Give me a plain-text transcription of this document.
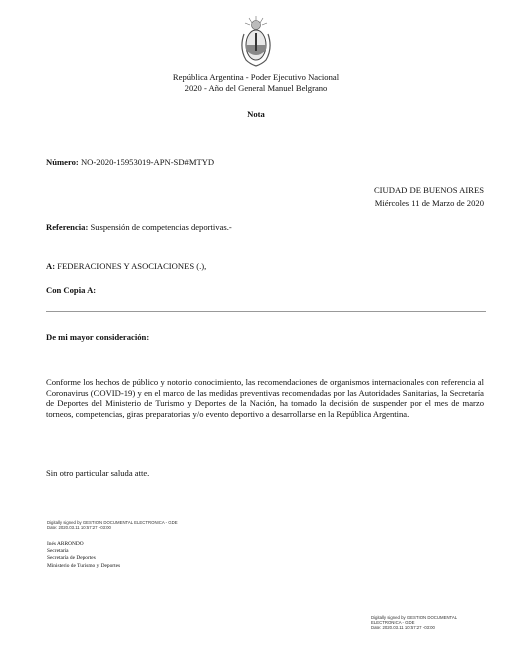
República Argentina - Poder Ejecutivo Nacional
2020 - Año del General Manuel Belgrano
Nota
Número: NO-2020-15953019-APN-SD#MTYD
CIUDAD DE BUENOS AIRES
Miércoles 11 de Marzo de 2020
Referencia: Suspensión de competencias deportivas.-
A: FEDERACIONES Y ASOCIACIONES (.),
Con Copia A:
De mi mayor consideración:
Conforme los hechos de público y notorio conocimiento, las recomendaciones de organismos internacionales con referencia al Coronavirus (COVID-19) y en el marco de las medidas preventivas recomendadas por las Autoridades Sanitarias, la Secretaría de Deportes del Ministerio de Turismo y Deportes de la Nación, ha tomado la decisión de suspender por el mes de marzo torneos, competencias, giras preparatorias y/o evento deportivo a desarrollarse en la República Argentina.
Sin otro particular saluda atte.
Digitally signed by GESTION DOCUMENTAL ELECTRONICA - GDE
Date: 2020.03.11 10:57:27 -03:00
Inés ARRONDO
Secretaria
Secretaría de Deportes
Ministerio de Turismo y Deportes
Digitally signed by GESTION DOCUMENTAL
ELECTRONICA - GDE
Date: 2020.03.11 10:57:27 -03:00
